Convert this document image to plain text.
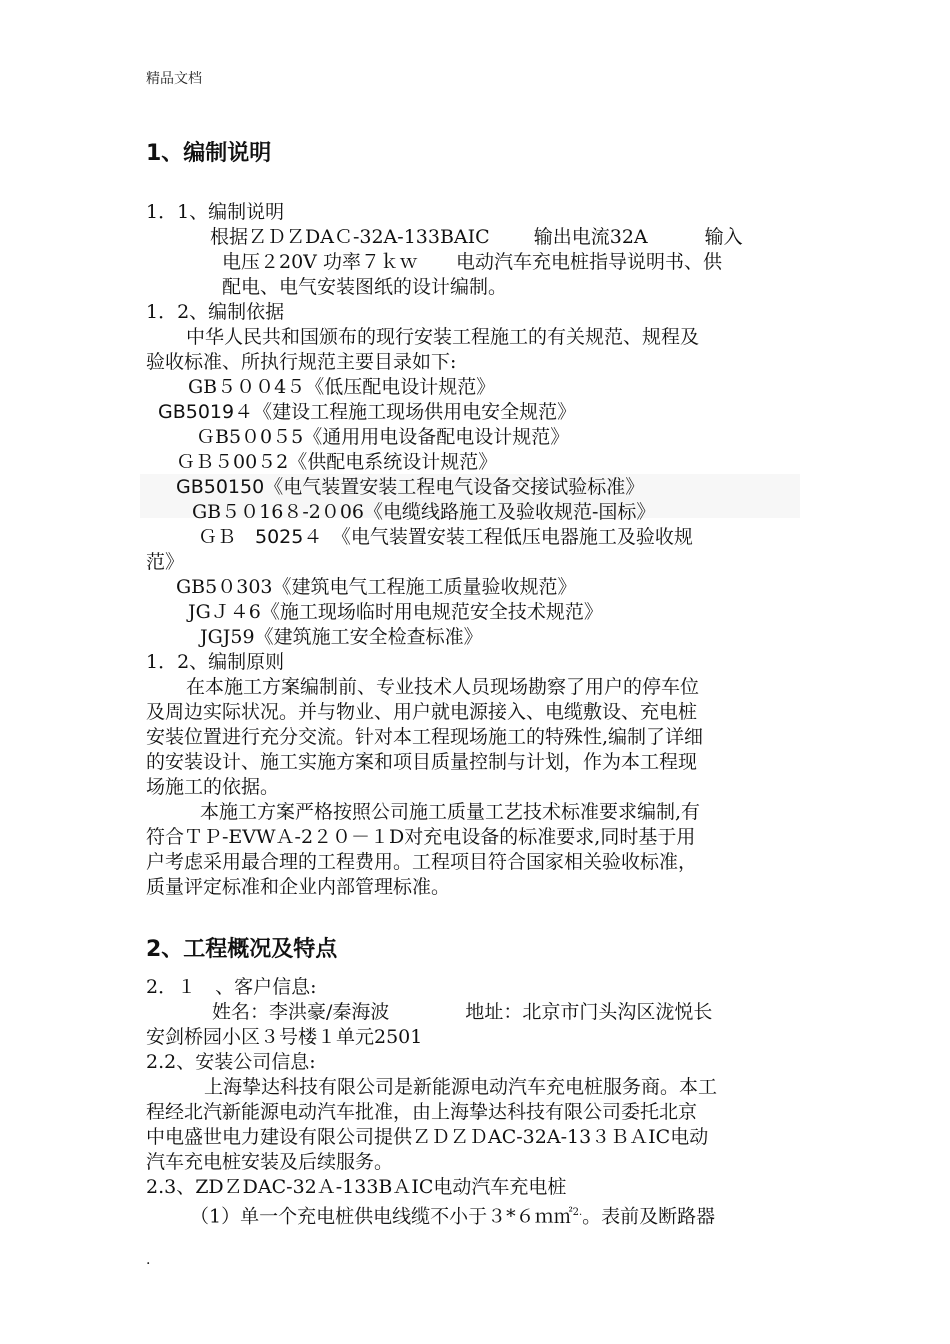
精品文档
1、编制说明
1．1、编制说明
根据ＺＤＺDAＣ-32A-133BAIC　　 输出电流32A　　　输入
电压２20V 功率７ｋｗ　　电动汽车充电桩指导说明书、供
配电、电气安装图纸的设计编制。
1．2、编制依据
中华人民共和国颁布的现行安装工程施工的有关规范、规程及
验收标准、所执行规范主要目录如下:
GB５００4５《低压配电设计规范》
GB5019４《建设工程施工现场供用电安全规范》
ＧB5０0５5《通用用电设备配电设计规范》
ＧＢ５00５2《供配电系统设计规范》
GB50150《电气装置安装工程电气设备交接试验标准》
GB５０16８-2０06《电缆线路施工及验收规范-国标》
ＧＢ　5025４　《电气装置安装工程低压电器施工及验收规
范》
GB5０303《建筑电气工程施工质量验收规范》
JGＪ４6《施工现场临时用电规范安全技术规范》
JGJ59《建筑施工安全检查标准》
1．2、编制原则
在本施工方案编制前、专业技术人员现场勘察了用户的停车位
及周边实际状况。并与物业、用户就电源接入、电缆敷设、充电桩
安装位置进行充分交流。针对本工程现场施工的特殊性,编制了详细
的安装设计、施工实施方案和项目质量控制与计划，作为本工程现
场施工的依据。
本施工方案严格按照公司施工质量工艺技术标准要求编制,有
符合ＴＰ-EVWＡ-2２０－１D对充电设备的标准要求,同时基于用
户考虑采用最合理的工程费用。工程项目符合国家相关验收标准，
质量评定标准和企业内部管理标准。
2、工程概况及特点
2．１　、客户信息:
姓名：李洪豪/秦海波　　　　地址：北京市门头沟区泷悦长
安剑桥园小区３号楼１单元2501
2.2、安装公司信息:
上海挚达科技有限公司是新能源电动汽车充电桩服务商。本工
程经北汽新能源电动汽车批准，由上海挚达科技有限公司委托北京
中电盛世电力建设有限公司提供ＺＤＺＤAC-32A-13３ＢＡIC电动
汽车充电桩安装及后续服务。
2.3、ZDＺDAC-32Ａ-133BＡIC电动汽车充电桩
（1）单一个充电桩供电线缆不小于３*６ｍ㎡$^{2.}$。表前及断路器
.
